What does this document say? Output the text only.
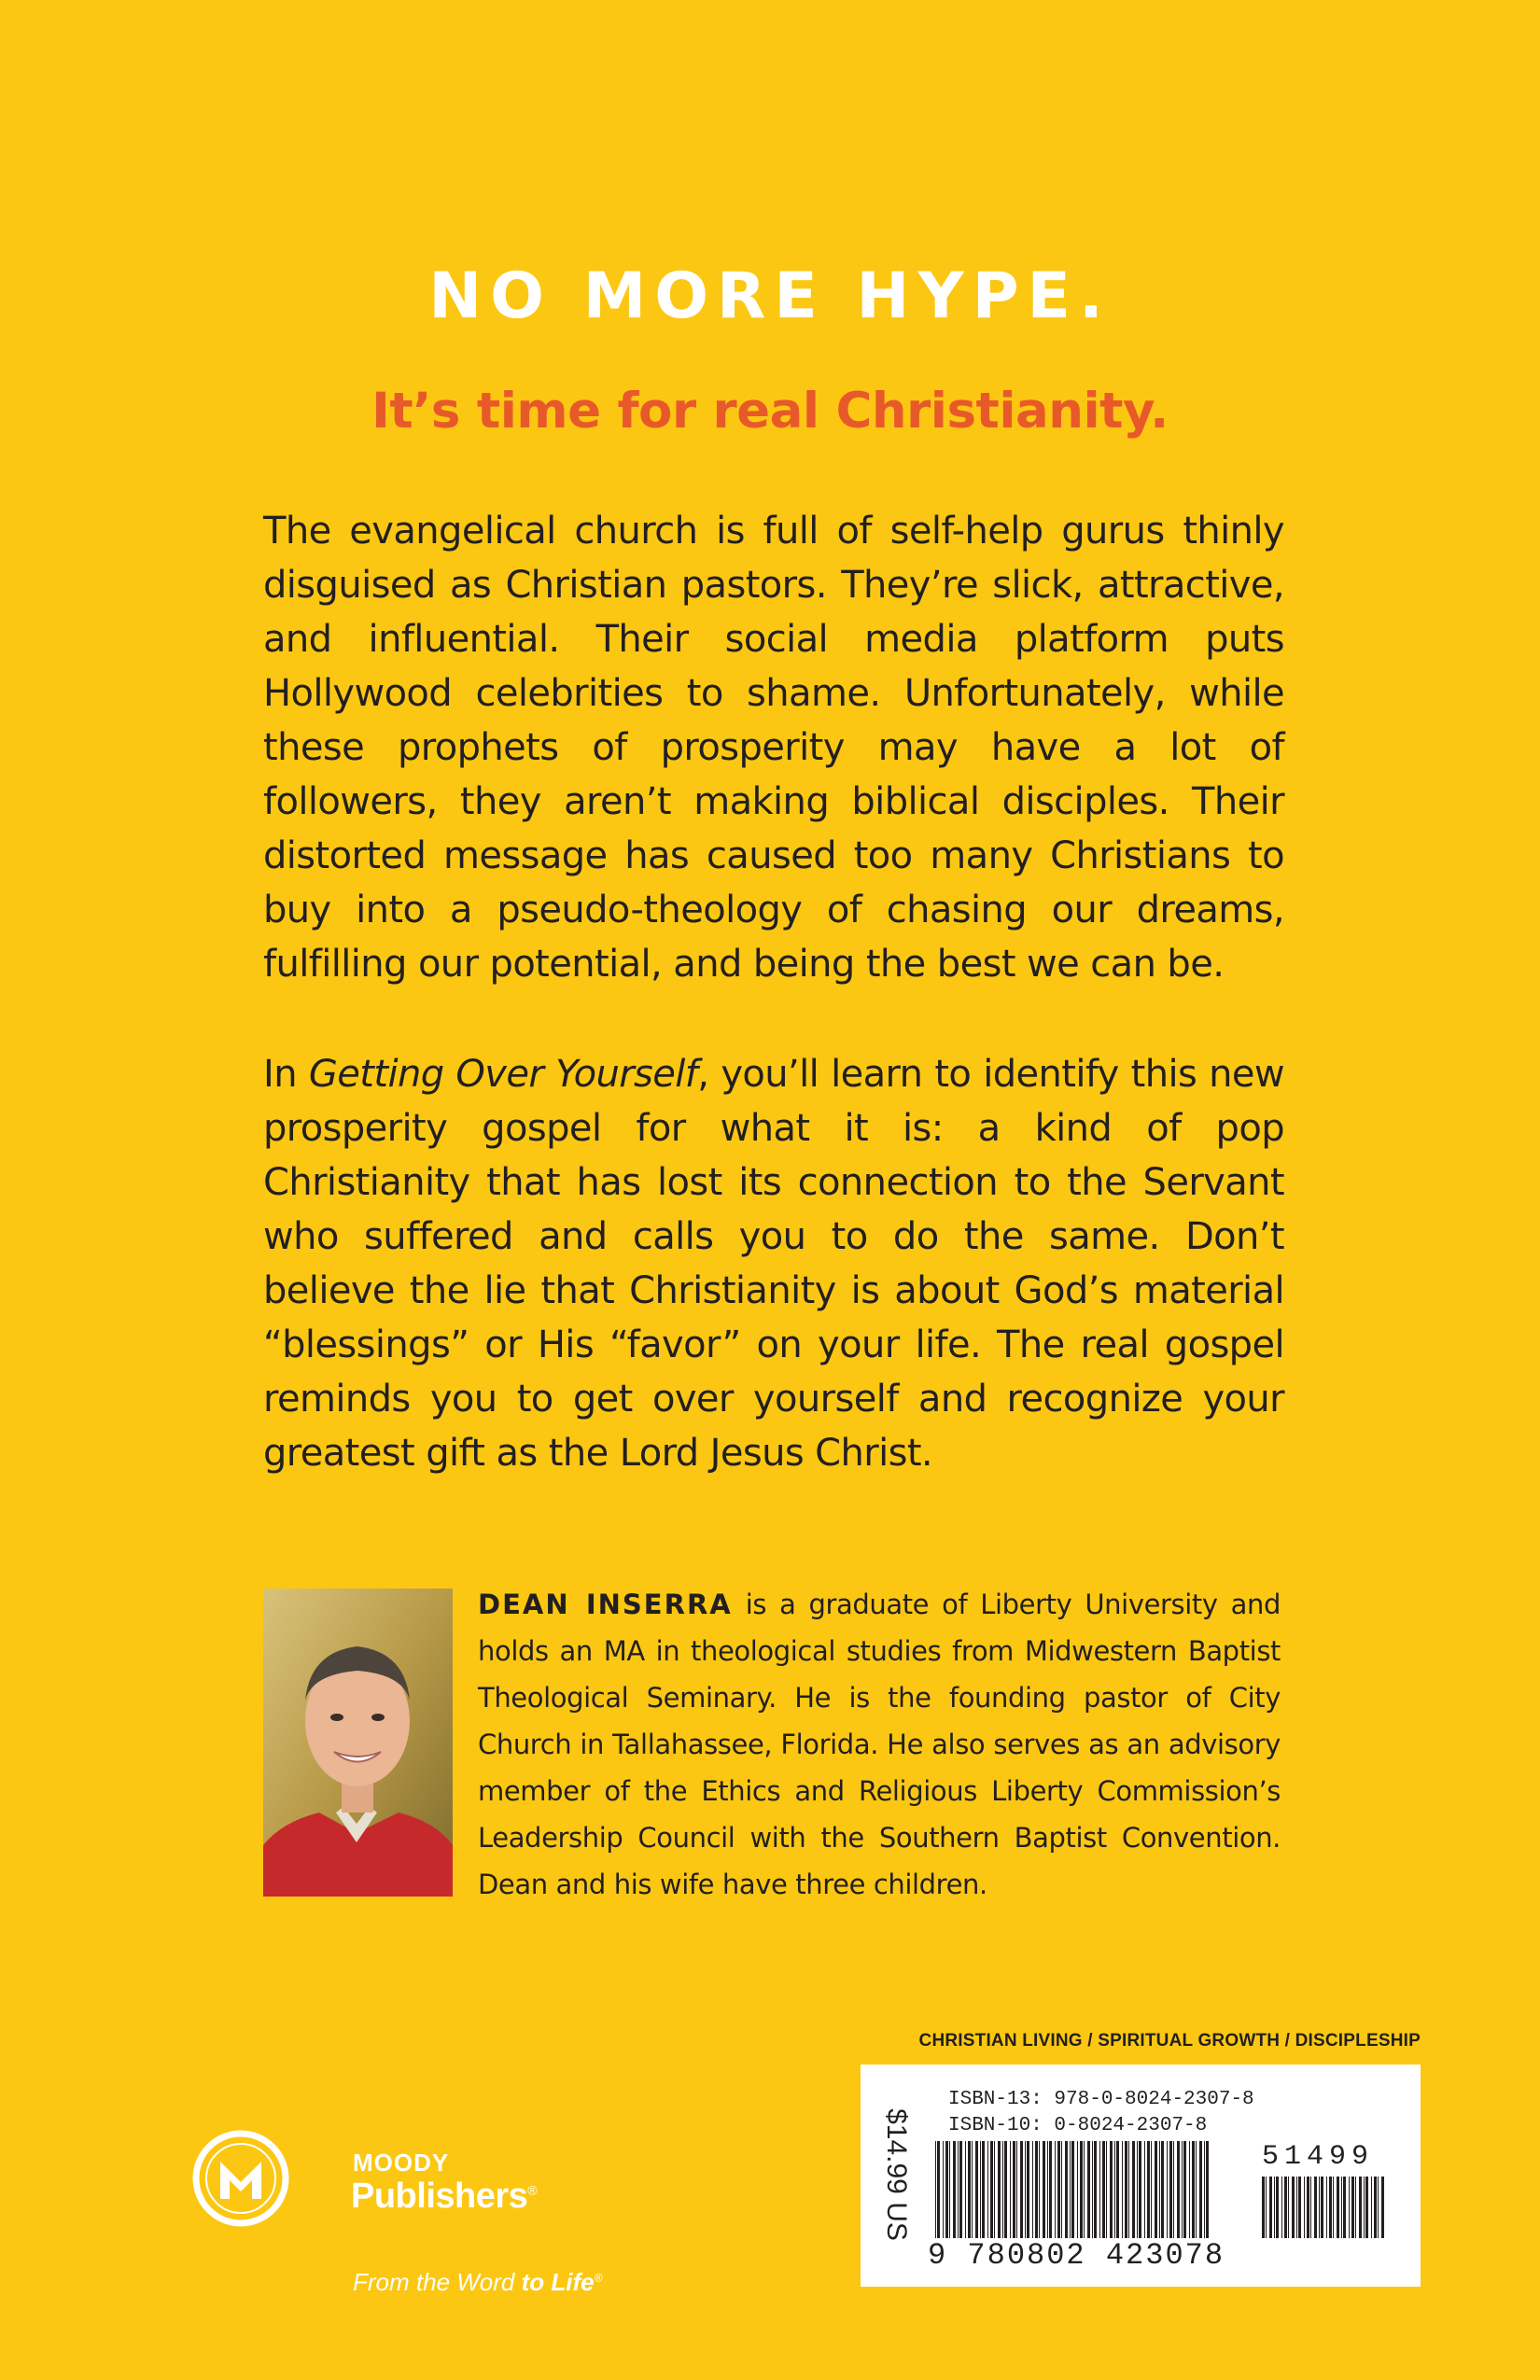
NO MORE HYPE.
It’s time for real Christianity.
The evangelical church is full of self-help gurus thinly disguised as Christian pastors. They’re slick, attractive, and influential. Their social media platform puts Hollywood celebrities to shame. Unfortunately, while these prophets of prosperity may have a lot of followers, they aren’t making biblical disciples. Their distorted message has caused too many Christians to buy into a pseudo-theology of chasing our dreams, fulfilling our potential, and being the best we can be.
In Getting Over Yourself, you’ll learn to identify this new prosperity gospel for what it is: a kind of pop Christianity that has lost its connection to the Servant who suffered and calls you to do the same. Don’t believe the lie that Christianity is about God’s material “blessings” or His “favor” on your life. The real gospel reminds you to get over yourself and recognize your greatest gift as the Lord Jesus Christ.
DEAN INSERRA is a graduate of Liberty University and holds an MA in theological studies from Midwestern Baptist Theological Seminary. He is the founding pastor of City Church in Tallahassee, Florida. He also serves as an advisory member of the Ethics and Religious Liberty Commission’s Leadership Council with the Southern Baptist Convention. Dean and his wife have three children.
CHRISTIAN LIVING / SPIRITUAL GROWTH / DISCIPLESHIP
$14.99 US
ISBN-13: 978-0-8024-2307-8
ISBN-10: 0-8024-2307-8
51499
9 780802 423078
MOODY
Publishers®
From the Word to Life®
